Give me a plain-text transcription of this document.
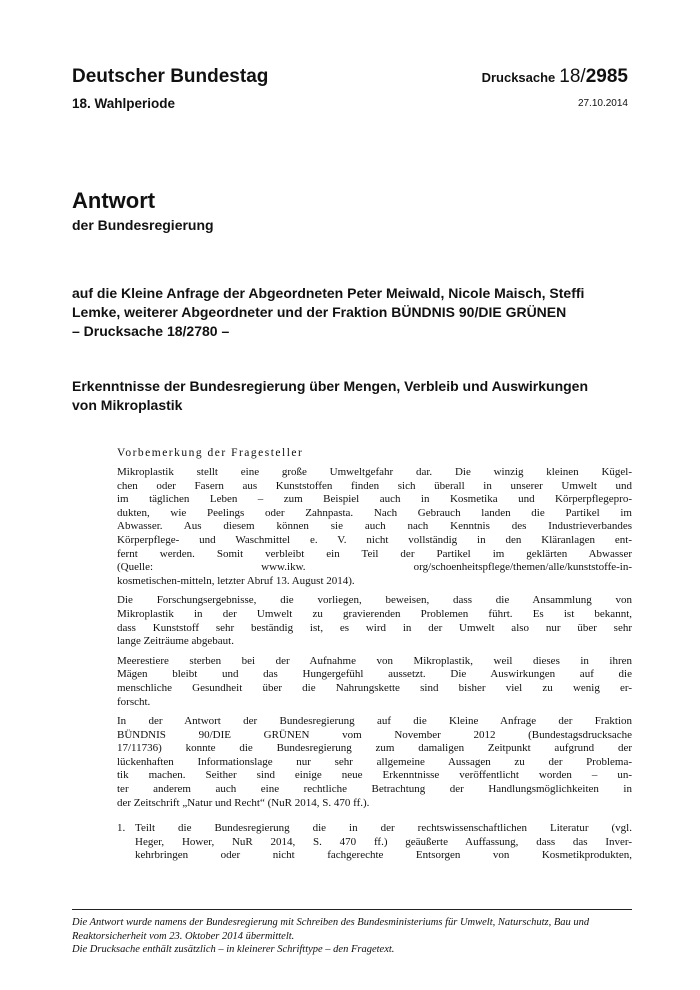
Deutscher Bundestag
18. Wahlperiode
Drucksache 18/2985
27.10.2014
Antwort
der Bundesregierung
auf die Kleine Anfrage der Abgeordneten Peter Meiwald, Nicole Maisch, Steffi
Lemke, weiterer Abgeordneter und der Fraktion BÜNDNIS 90/DIE GRÜNEN
– Drucksache 18/2780 –
Erkenntnisse der Bundesregierung über Mengen, Verbleib und Auswirkungen
von Mikroplastik
Vorbemerkung der Fragesteller

Mikroplastik stellt eine große Umweltgefahr dar. Die winzig kleinen Kügel-
chen oder Fasern aus Kunststoffen finden sich überall in unserer Umwelt und
im täglichen Leben – zum Beispiel auch in Kosmetika und Körperpflegepro-
dukten, wie Peelings oder Zahnpasta. Nach Gebrauch landen die Partikel im
Abwasser. Aus diesem können sie auch nach Kenntnis des Industrieverbandes
Körperpflege- und Waschmittel e. V. nicht vollständig in den Kläranlagen ent-
fernt werden. Somit verbleibt ein Teil der Partikel im geklärten Abwasser
(Quelle: www.ikw. org/schoenheitspflege/themen/alle/kunststoffe-in-
kosmetischen-mitteln, letzter Abruf 13. August 2014).

Die Forschungsergebnisse, die vorliegen, beweisen, dass die Ansammlung von
Mikroplastik in der Umwelt zu gravierenden Problemen führt. Es ist bekannt,
dass Kunststoff sehr beständig ist, es wird in der Umwelt also nur über sehr
lange Zeiträume abgebaut.

Meerestiere sterben bei der Aufnahme von Mikroplastik, weil dieses in ihren
Mägen bleibt und das Hungergefühl aussetzt. Die Auswirkungen auf die
menschliche Gesundheit über die Nahrungskette sind bisher viel zu wenig er-
forscht.

In der Antwort der Bundesregierung auf die Kleine Anfrage der Fraktion
BÜNDNIS 90/DIE GRÜNEN vom November 2012 (Bundestagsdrucksache
17/11736) konnte die Bundesregierung zum damaligen Zeitpunkt aufgrund der
lückenhaften Informationslage nur sehr allgemeine Aussagen zu der Problema-
tik machen. Seither sind einige neue Erkenntnisse veröffentlicht worden – un-
ter anderem auch eine rechtliche Betrachtung der Handlungsmöglichkeiten in
der Zeitschrift „Natur und Recht“ (NuR 2014, S. 470 ff.).

1. Teilt die Bundesregierung die in der rechtswissenschaftlichen Literatur (vgl.
Heger, Hower, NuR 2014, S. 470 ff.) geäußerte Auffassung, dass das Inver-
kehrbringen oder nicht fachgerechte Entsorgen von Kosmetikprodukten,
Die Antwort wurde namens der Bundesregierung mit Schreiben des Bundesministeriums für Umwelt, Naturschutz, Bau und
Reaktorsicherheit vom 23. Oktober 2014 übermittelt.
Die Drucksache enthält zusätzlich – in kleinerer Schrifttype – den Fragetext.
